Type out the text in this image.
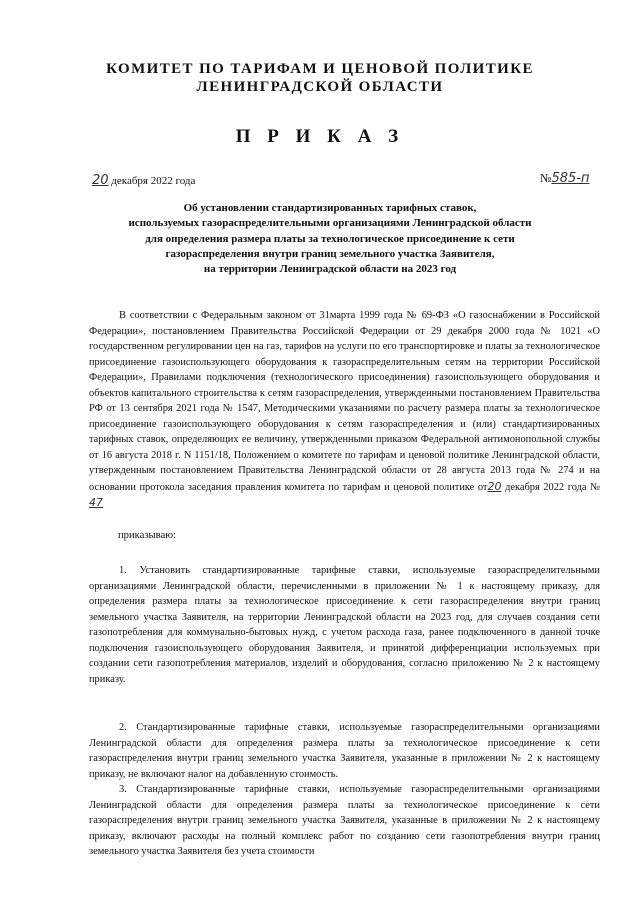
КОМИТЕТ ПО ТАРИФАМ И ЦЕНОВОЙ ПОЛИТИКЕ
ЛЕНИНГРАДСКОЙ ОБЛАСТИ
П Р И К А З
20 декабря 2022 года	№585-п
Об установлении стандартизированных тарифных ставок,
используемых газораспределительными организациями Ленинградской области
для определения размера платы за технологическое присоединение к сети
газораспределения внутри границ земельного участка Заявителя,
на территории Ленинградской области на 2023 год

В соответствии с Федеральным законом от 31марта 1999 года № 69-ФЗ «О газоснабжении в Российской Федерации», постановлением Правительства Российской Федерации от 29 декабря 2000 года № 1021 «О государственном регулировании цен на газ, тарифов на услуги по его транспортировке и платы за технологическое присоединение газоиспользующего оборудования к газораспределительным сетям на территории Российской Федерации», Правилами подключения (технологического присоединения) газоиспользующего оборудования и объектов капитального строительства к сетям газораспределения, утвержденными постановлением Правительства РФ от 13 сентября 2021 года № 1547, Методическими указаниями по расчету размера платы за технологическое присоединение газоиспользующего оборудования к сетям газораспределения и (или) стандартизированных тарифных ставок, определяющих ее величину, утвержденными приказом Федеральной антимонопольной службы от 16 августа 2018 г. N 1151/18, Положением о комитете по тарифам и ценовой политике Ленинградской области, утвержденным постановлением Правительства Ленинградской области от 28 августа 2013 года № 274 и на основании протокола заседания правления комитета по тарифам и ценовой политике от20 декабря 2022 года № 47

приказываю:

1. Установить стандартизированные тарифные ставки, используемые газораспределительными организациями Ленинградской области, перечисленными в приложении № 1 к настоящему приказу, для определения размера платы за технологическое присоединение к сети газораспределения внутри границ земельного участка Заявителя, на территории Ленинградской области на 2023 год, для случаев создания сети газопотребления для коммунально-бытовых нужд, с учетом расхода газа, ранее подключенного в данной точке подключения газоиспользующего оборудования Заявителя, и принятой дифференциации используемых при создании сети газопотребления материалов, изделий и оборудования, согласно приложению № 2 к настоящему приказу.

2. Стандартизированные тарифные ставки, используемые газораспределительными организациями Ленинградской области для определения размера платы за технологическое присоединение к сети газораспределения внутри границ земельного участка Заявителя, указанные в приложении № 2 к настоящему приказу, не включают налог на добавленную стоимость.

3. Стандартизированные тарифные ставки, используемые газораспределительными организациями Ленинградской области для определения размера платы за технологическое присоединение к сети газораспределения внутри границ земельного участка Заявителя, указанные в приложении № 2 к настоящему приказу, включают расходы на полный комплекс работ по созданию сети газопотребления внутри границ земельного участка Заявителя без учета стоимости
